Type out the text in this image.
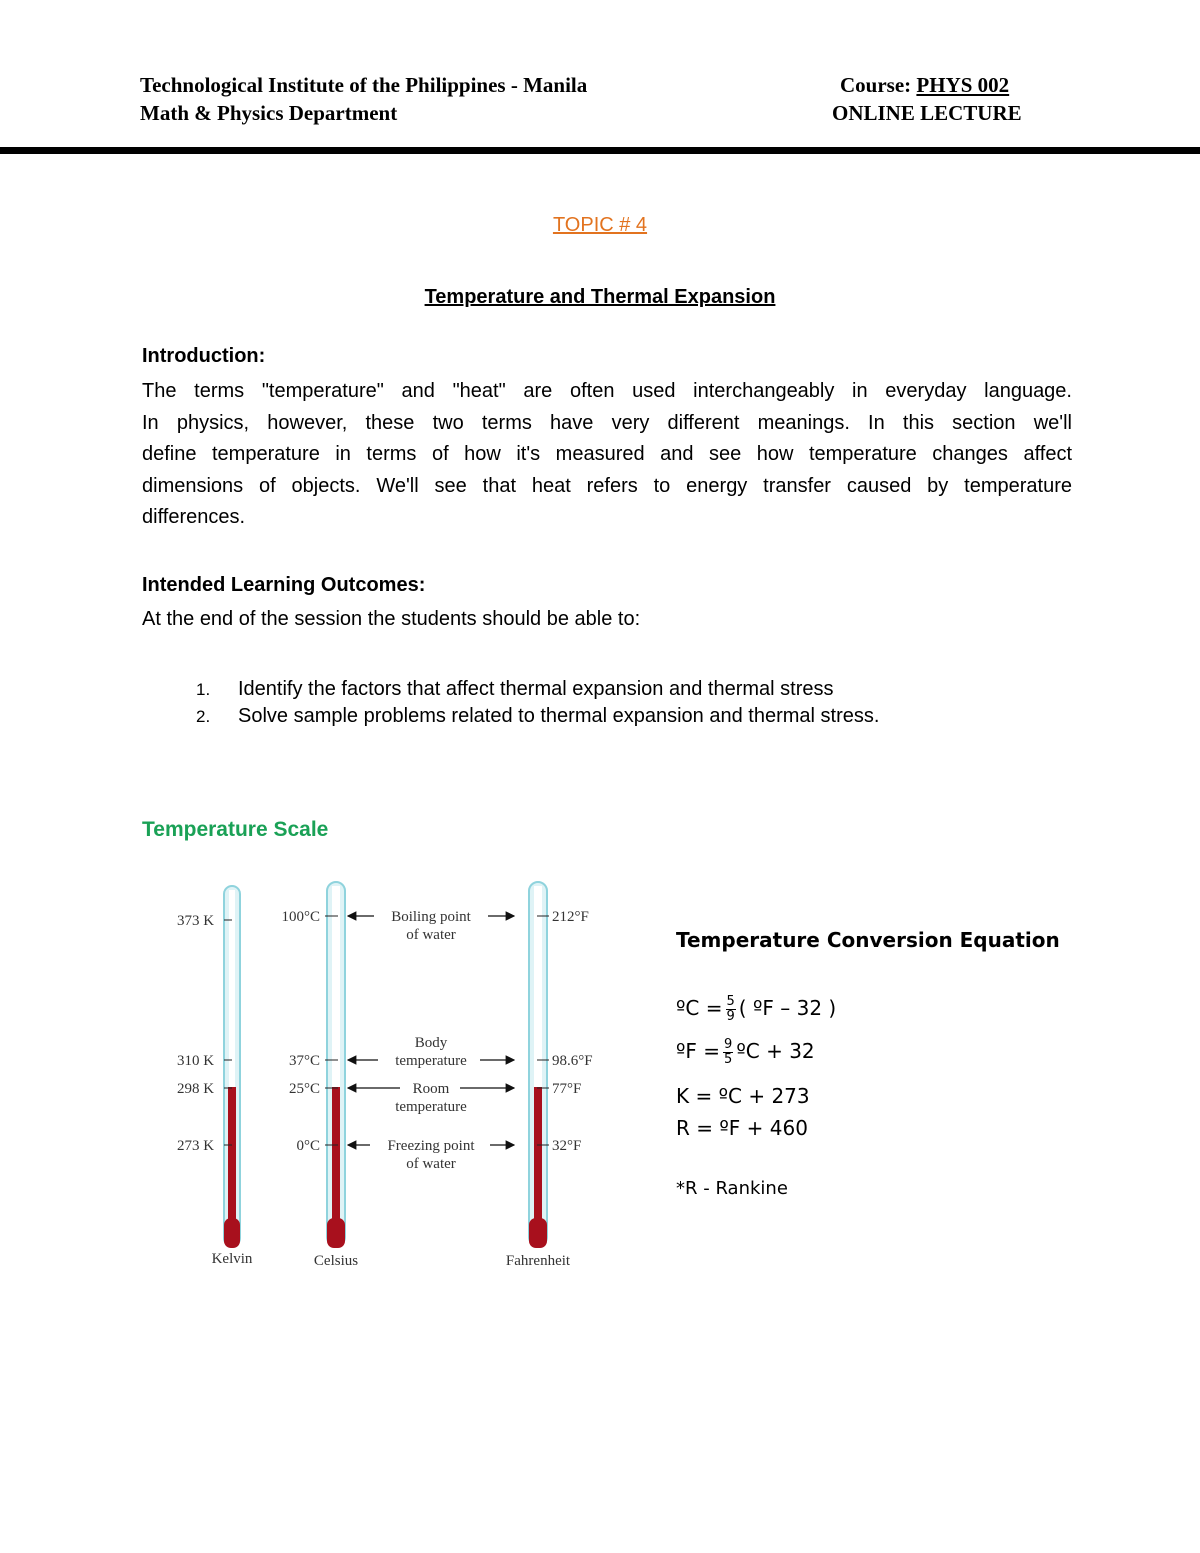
Technological Institute of the Philippines - Manila
Math & Physics Department
Course: PHYS 002
ONLINE LECTURE
TOPIC # 4
Temperature and Thermal Expansion
Introduction:
The terms "temperature" and "heat" are often used interchangeably in everyday language.
In physics, however, these two terms have very different meanings. In this section we'll
define temperature in terms of how it's measured and see how temperature changes affect
dimensions of objects. We'll see that heat refers to energy transfer caused by temperature
differences.
Intended Learning Outcomes:
At the end of the session the students should be able to:
1. Identify the factors that affect thermal expansion and thermal stress
2. Solve sample problems related to thermal expansion and thermal stress.
Temperature Scale
373 K
310 K
298 K
273 K
100°C
37°C
25°C
0°C
212°F
98.6°F
77°F
32°F
Boiling point
of water
Body
temperature
Room
temperature
Freezing point
of water
Kelvin	Celsius	Fahrenheit
Temperature Conversion Equation
ºC = $\frac{5}{9}$ ( ºF – 32 )
ºF = $\frac{9}{5}$ ºC + 32
K = ºC + 273
R = ºF + 460
*R - Rankine
